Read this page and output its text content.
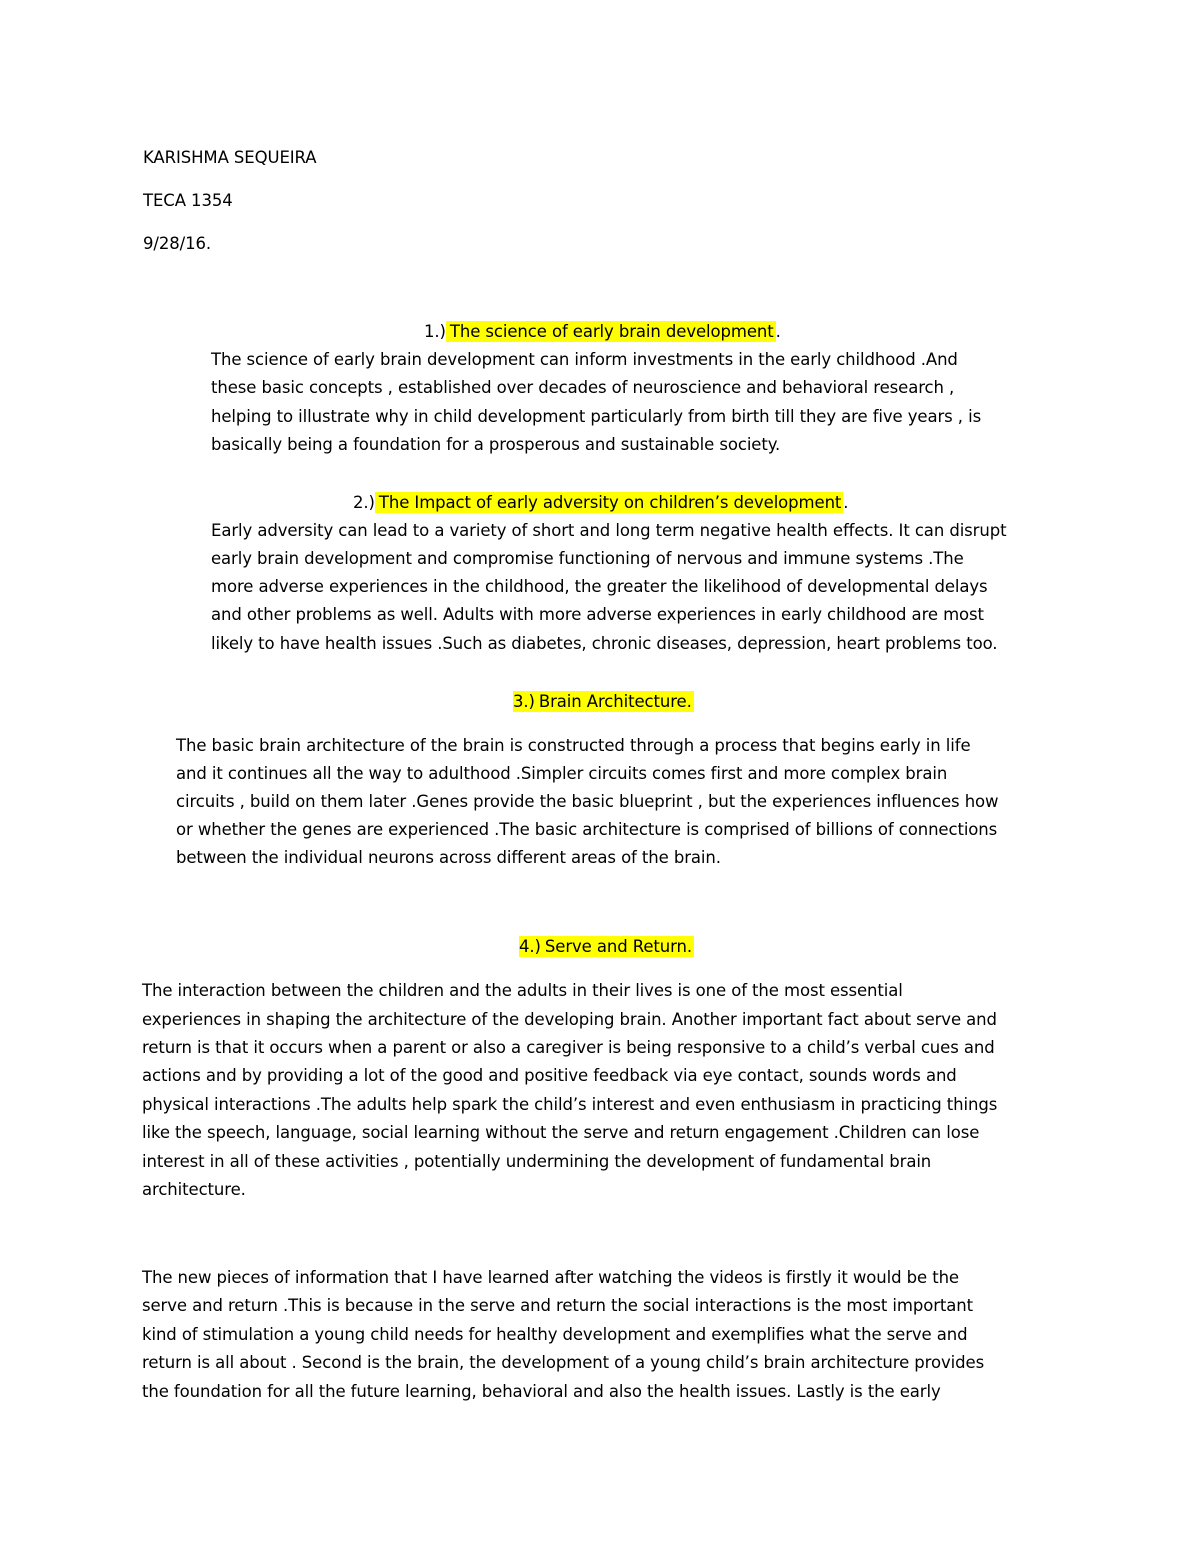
KARISHMA SEQUEIRA
TECA 1354
9/28/16.
1.) The science of early brain development .
The science of early brain development can inform investments in the early childhood .And
these basic concepts , established over decades of neuroscience and behavioral research ,
helping to illustrate why in child development particularly from birth till they are five years , is
basically being a foundation for a prosperous and sustainable society.
2.) The Impact of early adversity on children’s development .
Early adversity can lead to a variety of short and long term negative health effects. It can disrupt
early brain development and compromise functioning of nervous and immune systems .The
more adverse experiences in the childhood, the greater the likelihood of developmental delays
and other problems as well. Adults with more adverse experiences in early childhood are most
likely to have health issues .Such as diabetes, chronic diseases, depression, heart problems too.
3.) Brain Architecture.
The basic brain architecture of the brain is constructed through a process that begins early in life
and it continues all the way to adulthood .Simpler circuits comes first and more complex brain
circuits , build on them later .Genes provide the basic blueprint , but the experiences influences how
or whether the genes are experienced .The basic architecture is comprised of billions of connections
between the individual neurons across different areas of the brain.
4.) Serve and Return.
The interaction between the children and the adults in their lives is one of the most essential
experiences in shaping the architecture of the developing brain. Another important fact about serve and
return is that it occurs when a parent or also a caregiver is being responsive to a child’s verbal cues and
actions and by providing a lot of the good and positive feedback via eye contact, sounds words and
physical interactions .The adults help spark the child’s interest and even enthusiasm in practicing things
like the speech, language, social learning without the serve and return engagement .Children can lose
interest in all of these activities , potentially undermining the development of fundamental brain
architecture.
The new pieces of information that I have learned after watching the videos is firstly it would be the
serve and return .This is because in the serve and return the social interactions is the most important
kind of stimulation a young child needs for healthy development and exemplifies what the serve and
return is all about . Second is the brain, the development of a young child’s brain architecture provides
the foundation for all the future learning, behavioral and also the health issues. Lastly is the early
